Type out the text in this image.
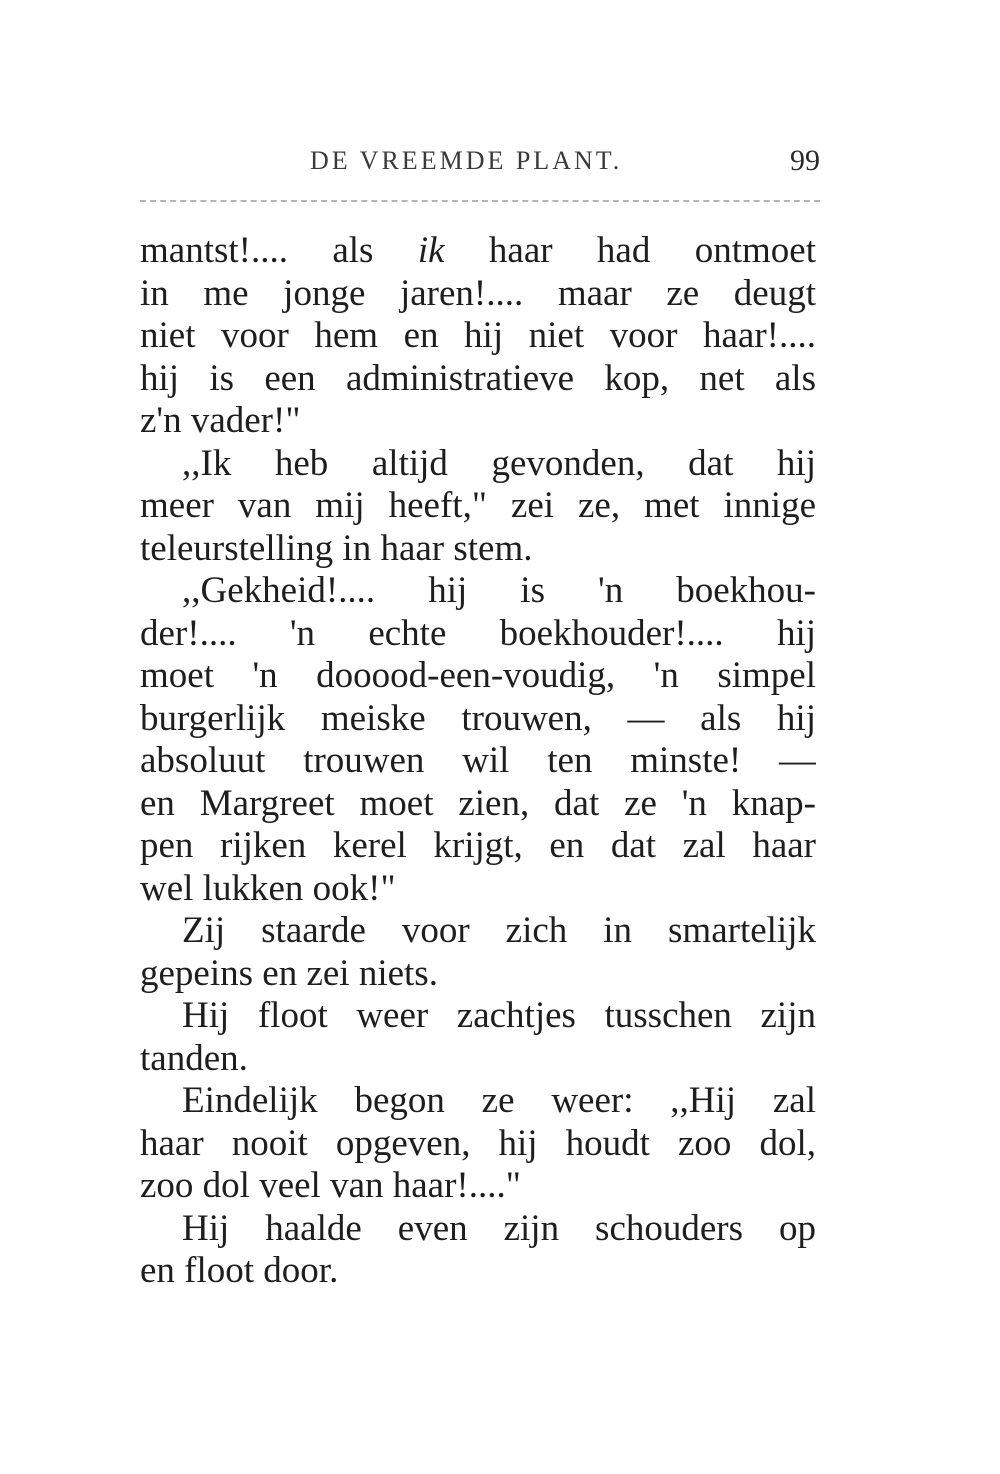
DE VREEMDE PLANT.	99
mantst!.... als ik haar had ontmoet
in me jonge jaren!.... maar ze deugt
niet voor hem en hij niet voor haar!....
hij is een administratieve kop, net als
z'n vader!"
,,Ik heb altijd gevonden, dat hij
meer van mij heeft," zei ze, met innige
teleurstelling in haar stem.
,,Gekheid!.... hij is 'n boekhou-
der!.... 'n echte boekhouder!.... hij
moet 'n dooood-een-voudig, 'n simpel
burgerlijk meiske trouwen, — als hij
absoluut trouwen wil ten minste! —
en Margreet moet zien, dat ze 'n knap-
pen rijken kerel krijgt, en dat zal haar
wel lukken ook!"
Zij staarde voor zich in smartelijk
gepeins en zei niets.
Hij floot weer zachtjes tusschen zijn
tanden.
Eindelijk begon ze weer: ,,Hij zal
haar nooit opgeven, hij houdt zoo dol,
zoo dol veel van haar!...."
Hij haalde even zijn schouders op
en floot door.
